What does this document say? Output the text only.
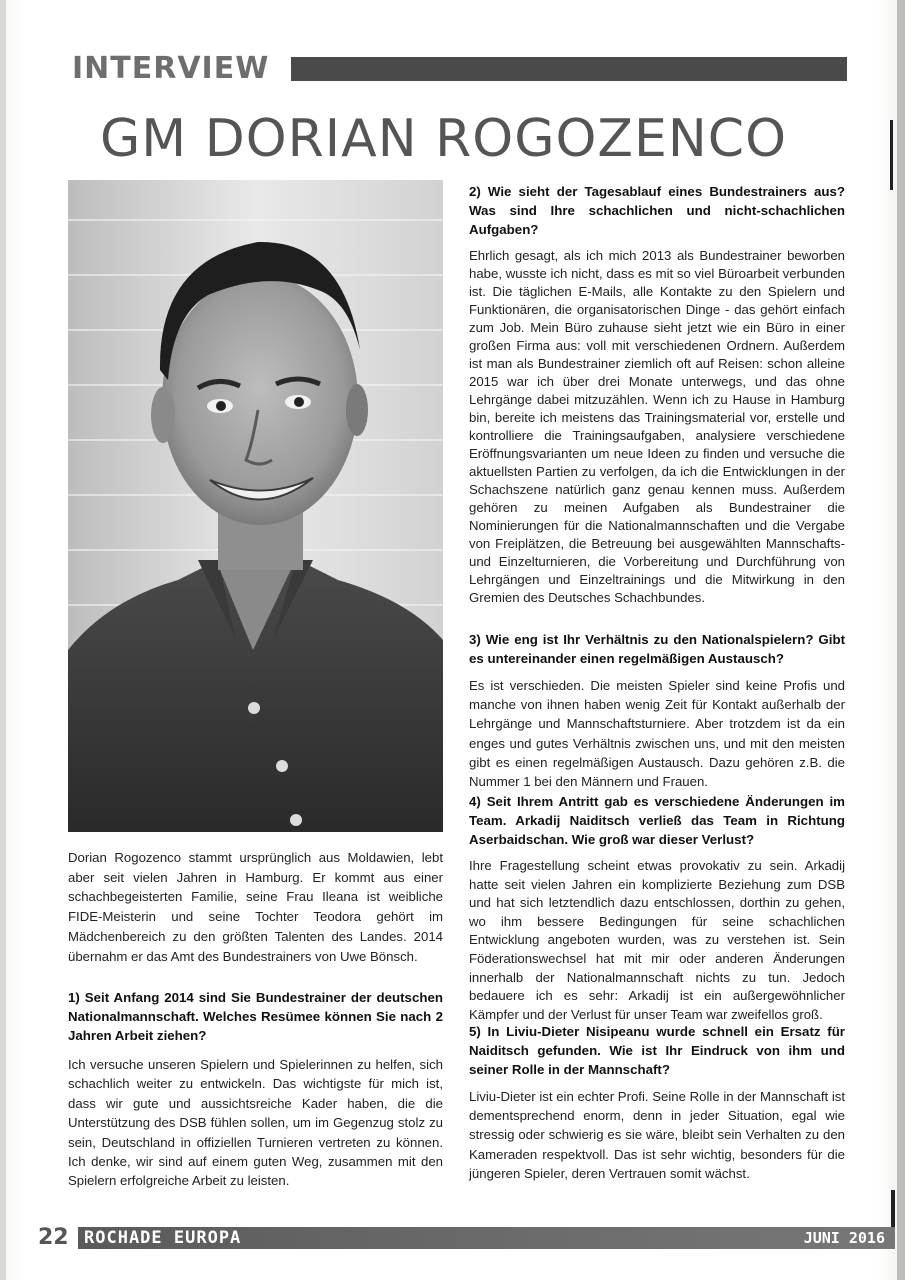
INTERVIEW
GM DORIAN ROGOZENCO

Dorian Rogozenco stammt ursprünglich aus Moldawien, lebt aber seit vielen Jahren in Hamburg. Er kommt aus einer schachbegeisterten Familie, seine Frau Ileana ist weibliche FIDE-Meisterin und seine Tochter Teodora gehört im Mädchenbereich zu den größten Talenten des Landes. 2014 übernahm er das Amt des Bundestrainers von Uwe Bönsch.

1) Seit Anfang 2014 sind Sie Bundestrainer der deutschen Nationalmannschaft. Welches Resümee können Sie nach 2 Jahren Arbeit ziehen?

Ich versuche unseren Spielern und Spielerinnen zu helfen, sich schachlich weiter zu entwickeln. Das wichtigste für mich ist, dass wir gute und aussichtsreiche Kader haben, die die Unterstützung des DSB fühlen sollen, um im Gegenzug stolz zu sein, Deutschland in offiziellen Turnieren vertreten zu können. Ich denke, wir sind auf einem guten Weg, zusammen mit den Spielern erfolgreiche Arbeit zu leisten.

2) Wie sieht der Tagesablauf eines Bundestrainers aus? Was sind Ihre schachlichen und nicht-schachlichen Aufgaben?

Ehrlich gesagt, als ich mich 2013 als Bundestrainer beworben habe, wusste ich nicht, dass es mit so viel Büroarbeit verbunden ist. Die täglichen E-Mails, alle Kontakte zu den Spielern und Funktionären, die organisatorischen Dinge - das gehört einfach zum Job. Mein Büro zuhause sieht jetzt wie ein Büro in einer großen Firma aus: voll mit verschiedenen Ordnern. Außerdem ist man als Bundestrainer ziemlich oft auf Reisen: schon alleine 2015 war ich über drei Monate unterwegs, und das ohne Lehrgänge dabei mitzuzählen. Wenn ich zu Hause in Hamburg bin, bereite ich meistens das Trainingsmaterial vor, erstelle und kontrolliere die Trainingsaufgaben, analysiere verschiedene Eröffnungsvarianten um neue Ideen zu finden und versuche die aktuellsten Partien zu verfolgen, da ich die Entwicklungen in der Schachszene natürlich ganz genau kennen muss. Außerdem gehören zu meinen Aufgaben als Bundestrainer die Nominierungen für die Nationalmannschaften und die Vergabe von Freiplätzen, die Betreuung bei ausgewählten Mannschafts- und Einzelturnieren, die Vorbereitung und Durchführung von Lehrgängen und Einzeltrainings und die Mitwirkung in den Gremien des Deutsches Schachbundes.

3) Wie eng ist Ihr Verhältnis zu den Nationalspielern? Gibt es untereinander einen regelmäßigen Austausch?

Es ist verschieden. Die meisten Spieler sind keine Profis und manche von ihnen haben wenig Zeit für Kontakt außerhalb der Lehrgänge und Mannschaftsturniere. Aber trotzdem ist da ein enges und gutes Verhältnis zwischen uns, und mit den meisten gibt es einen regelmäßigen Austausch. Dazu gehören z.B. die Nummer 1 bei den Männern und Frauen.

4) Seit Ihrem Antritt gab es verschiedene Änderungen im Team. Arkadij Naiditsch verließ das Team in Richtung Aserbaidschan. Wie groß war dieser Verlust?

Ihre Fragestellung scheint etwas provokativ zu sein. Arkadij hatte seit vielen Jahren ein komplizierte Beziehung zum DSB und hat sich letztendlich dazu entschlossen, dorthin zu gehen, wo ihm bessere Bedingungen für seine schachlichen Entwicklung angeboten wurden, was zu verstehen ist. Sein Föderationswechsel hat mit mir oder anderen Änderungen innerhalb der Nationalmannschaft nichts zu tun. Jedoch bedauere ich es sehr: Arkadij ist ein außergewöhnlicher Kämpfer und der Verlust für unser Team war zweifellos groß.

5) In Liviu-Dieter Nisipeanu wurde schnell ein Ersatz für Naiditsch gefunden. Wie ist Ihr Eindruck von ihm und seiner Rolle in der Mannschaft?

Liviu-Dieter ist ein echter Profi. Seine Rolle in der Mannschaft ist dementsprechend enorm, denn in jeder Situation, egal wie stressig oder schwierig es sie wäre, bleibt sein Verhalten zu den Kameraden respektvoll. Das ist sehr wichtig, besonders für die jüngeren Spieler, deren Vertrauen somit wächst.

22 ROCHADE EUROPA	JUNI 2016
